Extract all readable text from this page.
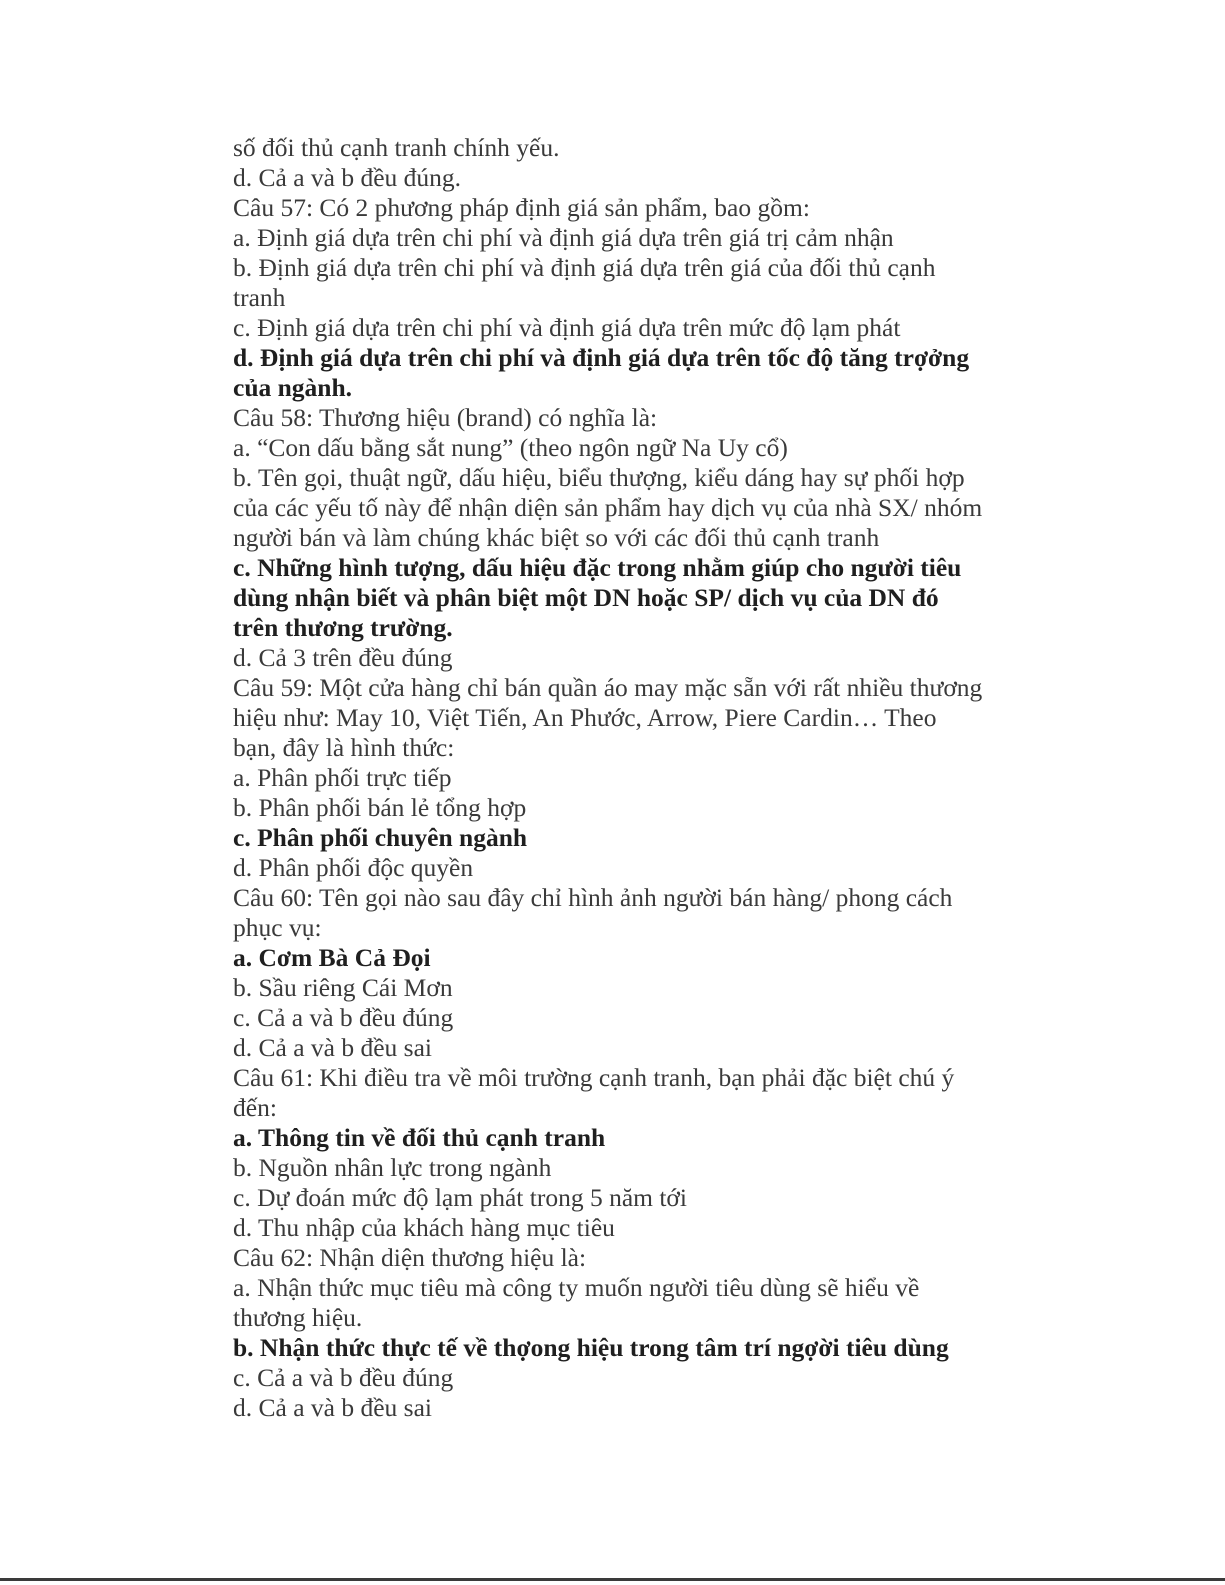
số đối thủ cạnh tranh chính yếu.
d. Cả a và b đều đúng.
Câu 57: Có 2 phương pháp định giá sản phẩm, bao gồm:
a. Định giá dựa trên chi phí và định giá dựa trên giá trị cảm nhận
b. Định giá dựa trên chi phí và định giá dựa trên giá của đối thủ cạnh
tranh
c. Định giá dựa trên chi phí và định giá dựa trên mức độ lạm phát
d. Định giá dựa trên chi phí và định giá dựa trên tốc độ tăng trợởng
của ngành.
Câu 58: Thương hiệu (brand) có nghĩa là:
a. “Con dấu bằng sắt nung” (theo ngôn ngữ Na Uy cổ)
b. Tên gọi, thuật ngữ, dấu hiệu, biểu thượng, kiểu dáng hay sự phối hợp
của các yếu tố này để nhận diện sản phẩm hay dịch vụ của nhà SX/ nhóm
người bán và làm chúng khác biệt so với các đối thủ cạnh tranh
c. Những hình tượng, dấu hiệu đặc trong nhằm giúp cho người tiêu
dùng nhận biết và phân biệt một DN hoặc SP/ dịch vụ của DN đó
trên thương trường.
d. Cả 3 trên đều đúng
Câu 59: Một cửa hàng chỉ bán quần áo may mặc sẵn với rất nhiều thương
hiệu như: May 10, Việt Tiến, An Phước, Arrow, Piere Cardin… Theo
bạn, đây là hình thức:
a. Phân phối trực tiếp
b. Phân phối bán lẻ tổng hợp
c. Phân phối chuyên ngành
d. Phân phối độc quyền
Câu 60: Tên gọi nào sau đây chỉ hình ảnh người bán hàng/ phong cách
phục vụ:
a. Cơm Bà Cả Đọi
b. Sầu riêng Cái Mơn
c. Cả a và b đều đúng
d. Cả a và b đều sai
Câu 61: Khi điều tra về môi trường cạnh tranh, bạn phải đặc biệt chú ý
đến:
a. Thông tin về đối thủ cạnh tranh
b. Nguồn nhân lực trong ngành
c. Dự đoán mức độ lạm phát trong 5 năm tới
d. Thu nhập của khách hàng mục tiêu
Câu 62: Nhận diện thương hiệu là:
a. Nhận thức mục tiêu mà công ty muốn người tiêu dùng sẽ hiểu về
thương hiệu.
b. Nhận thức thực tế về thợong hiệu trong tâm trí ngợời tiêu dùng
c. Cả a và b đều đúng
d. Cả a và b đều sai
